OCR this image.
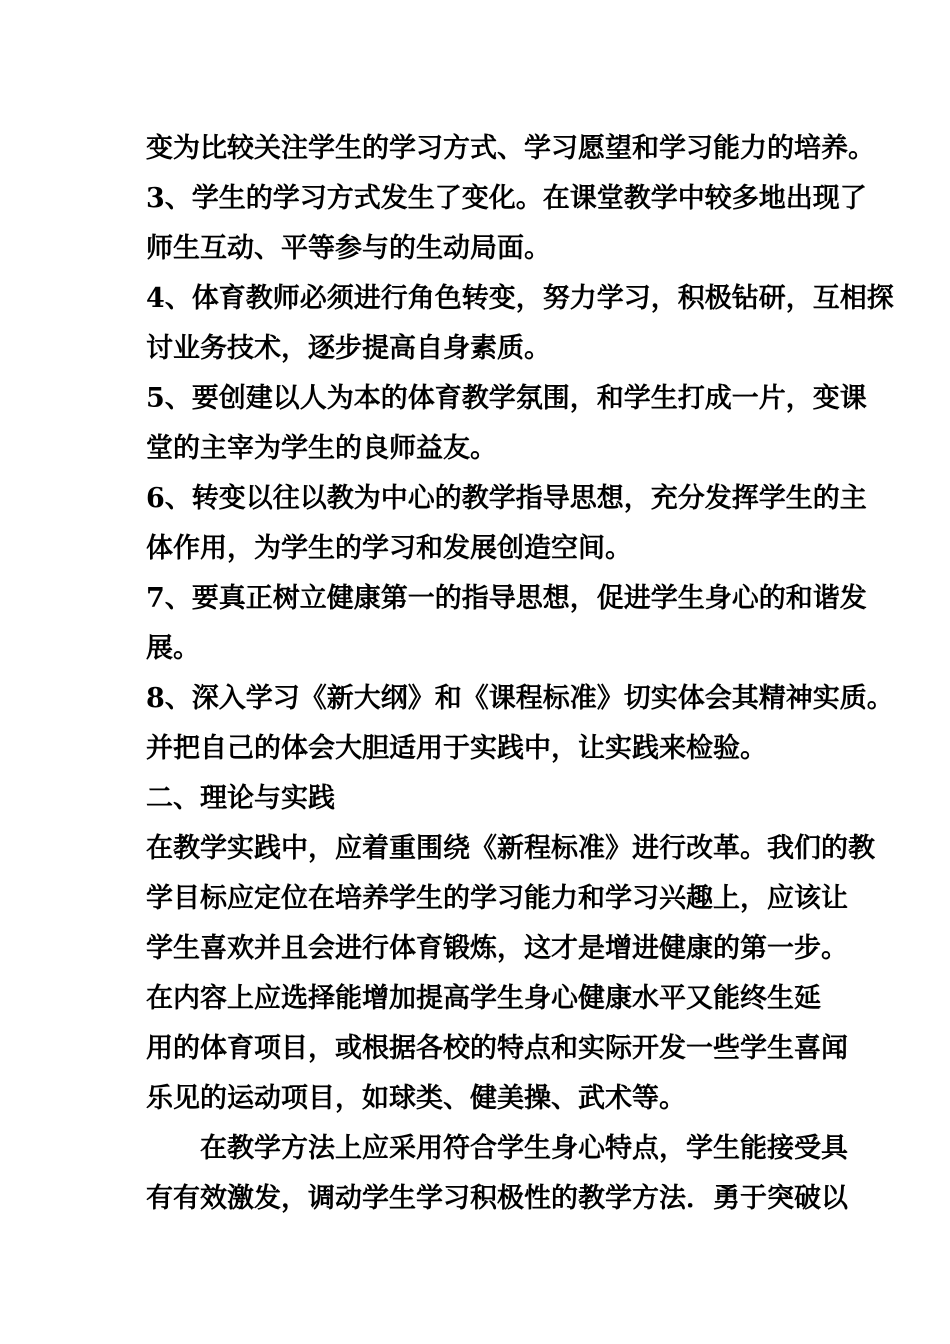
变为比较关注学生的学习方式、学习愿望和学习能力的培养。
3、学生的学习方式发生了变化。在课堂教学中较多地出现了
师生互动、平等参与的生动局面。
4、体育教师必须进行角色转变，努力学习，积极钻研，互相探
讨业务技术，逐步提高自身素质。
5、要创建以人为本的体育教学氛围，和学生打成一片，变课
堂的主宰为学生的良师益友。
6、转变以往以教为中心的教学指导思想，充分发挥学生的主
体作用，为学生的学习和发展创造空间。
7、要真正树立健康第一的指导思想，促进学生身心的和谐发
展。
8、深入学习《新大纲》和《课程标准》切实体会其精神实质。
并把自己的体会大胆适用于实践中，让实践来检验。
二、理论与实践
在教学实践中，应着重围绕《新程标准》进行改革。我们的教
学目标应定位在培养学生的学习能力和学习兴趣上，应该让
学生喜欢并且会进行体育锻炼，这才是增进健康的第一步。
在内容上应选择能增加提高学生身心健康水平又能终生延
用的体育项目，或根据各校的特点和实际开发一些学生喜闻
乐见的运动项目，如球类、健美操、武术等。
　　在教学方法上应采用符合学生身心特点，学生能接受具
有有效激发，调动学生学习积极性的教学方法．勇于突破以
